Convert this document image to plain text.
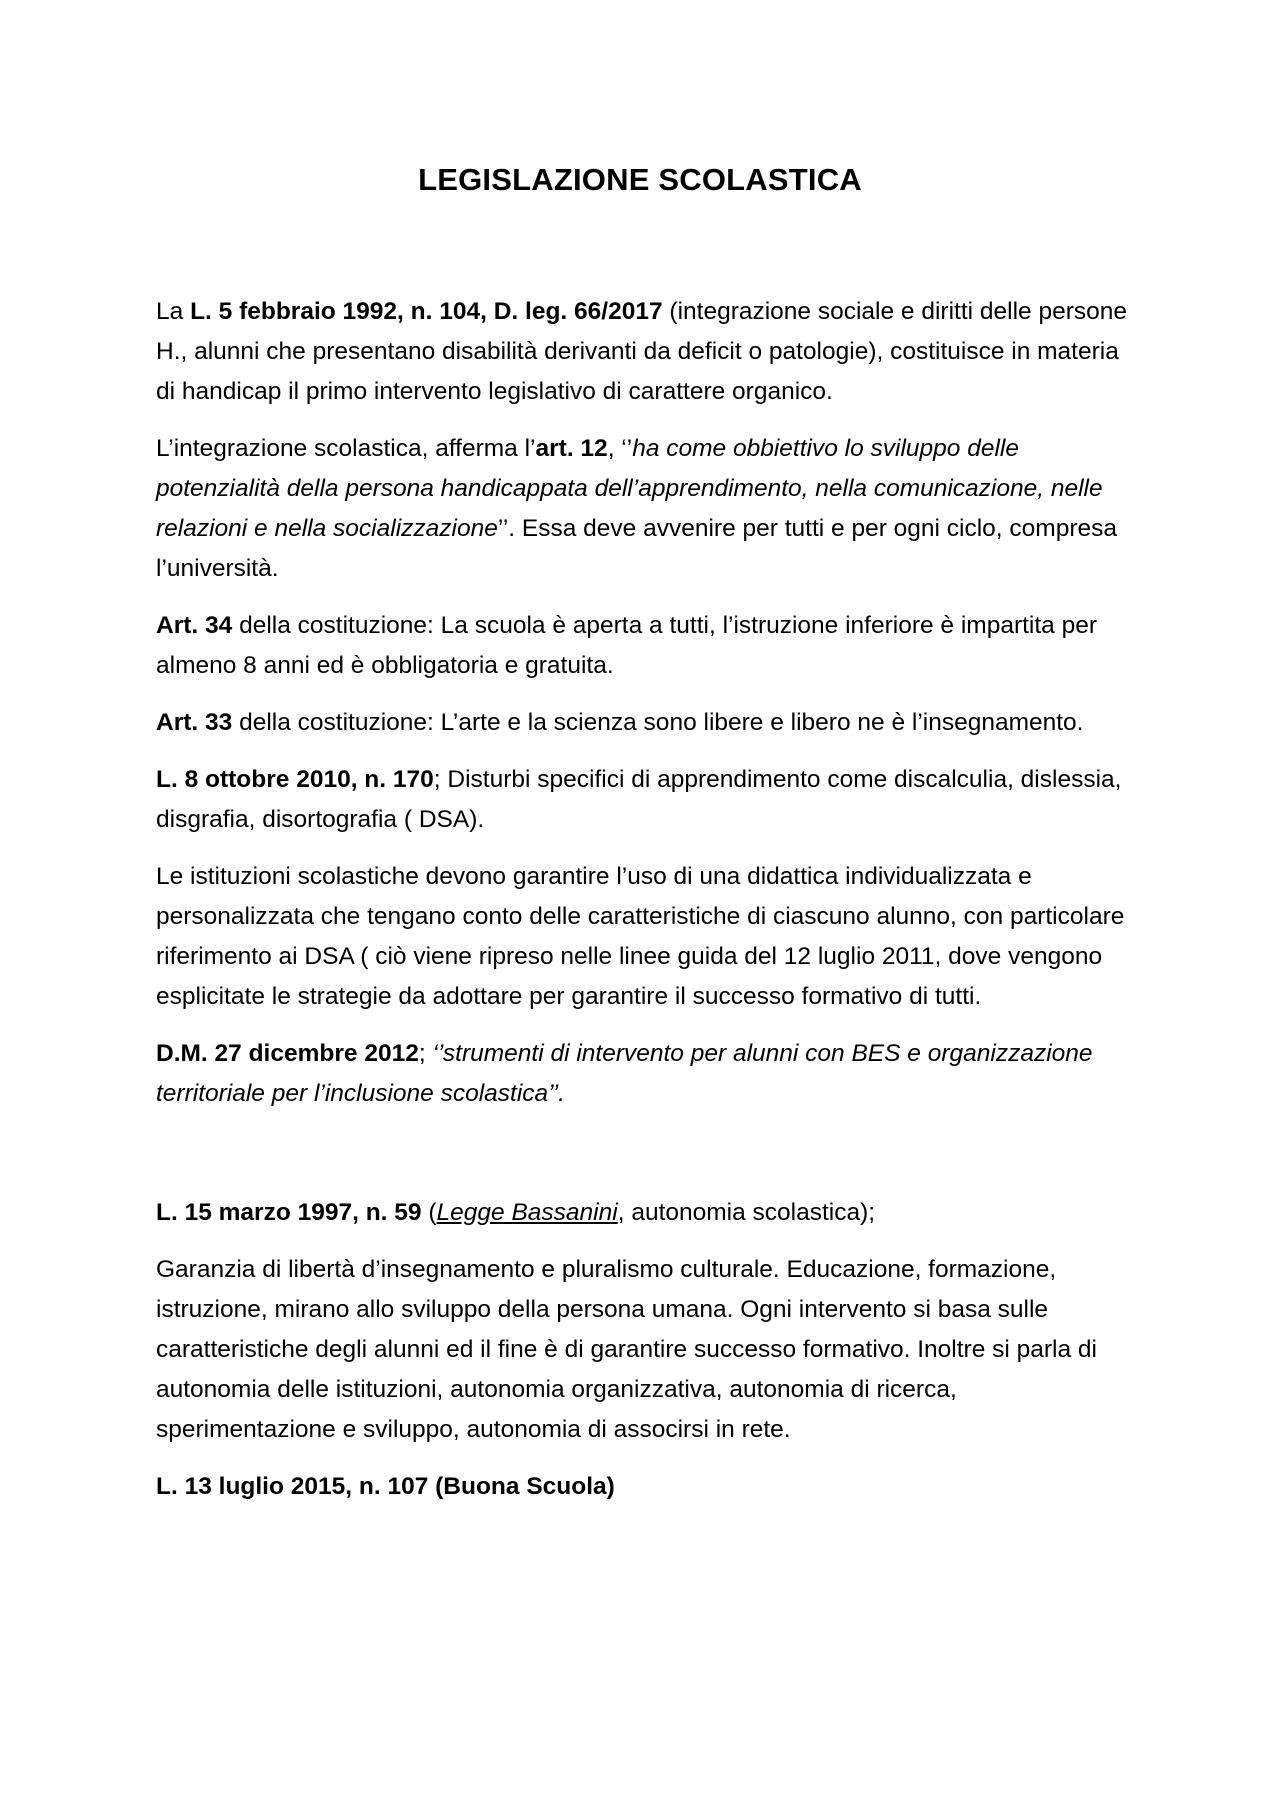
LEGISLAZIONE SCOLASTICA

La L. 5 febbraio 1992, n. 104, D. leg. 66/2017 (integrazione sociale e diritti delle persone H., alunni che presentano disabilità derivanti da deficit o patologie), costituisce in materia di handicap il primo intervento legislativo di carattere organico.

L’integrazione scolastica, afferma l’art. 12, ‘’ha come obbiettivo lo sviluppo delle potenzialità della persona handicappata dell’apprendimento, nella comunicazione, nelle relazioni e nella socializzazione’’. Essa deve avvenire per tutti e per ogni ciclo, compresa l’università.

Art. 34 della costituzione: La scuola è aperta a tutti, l’istruzione inferiore è impartita per almeno 8 anni ed è obbligatoria e gratuita.

Art. 33 della costituzione: L’arte e la scienza sono libere e libero ne è l’insegnamento.

L. 8 ottobre 2010, n. 170; Disturbi specifici di apprendimento come discalculia, dislessia, disgrafia, disortografia ( DSA).

Le istituzioni scolastiche devono garantire l’uso di una didattica individualizzata e personalizzata che tengano conto delle caratteristiche di ciascuno alunno, con particolare riferimento ai DSA ( ciò viene ripreso nelle linee guida del 12 luglio 2011, dove vengono esplicitate le strategie da adottare per garantire il successo formativo di tutti.

D.M. 27 dicembre 2012; ‘’strumenti di intervento per alunni con BES e organizzazione territoriale per l’inclusione scolastica’’.

L. 15 marzo 1997, n. 59 (Legge Bassanini, autonomia scolastica);

Garanzia di libertà d’insegnamento e pluralismo culturale. Educazione, formazione, istruzione, mirano allo sviluppo della persona umana. Ogni intervento si basa sulle caratteristiche degli alunni ed il fine è di garantire successo formativo. Inoltre si parla di autonomia delle istituzioni, autonomia organizzativa, autonomia di ricerca, sperimentazione e sviluppo, autonomia di associrsi in rete.

L. 13 luglio 2015, n. 107 (Buona Scuola)
